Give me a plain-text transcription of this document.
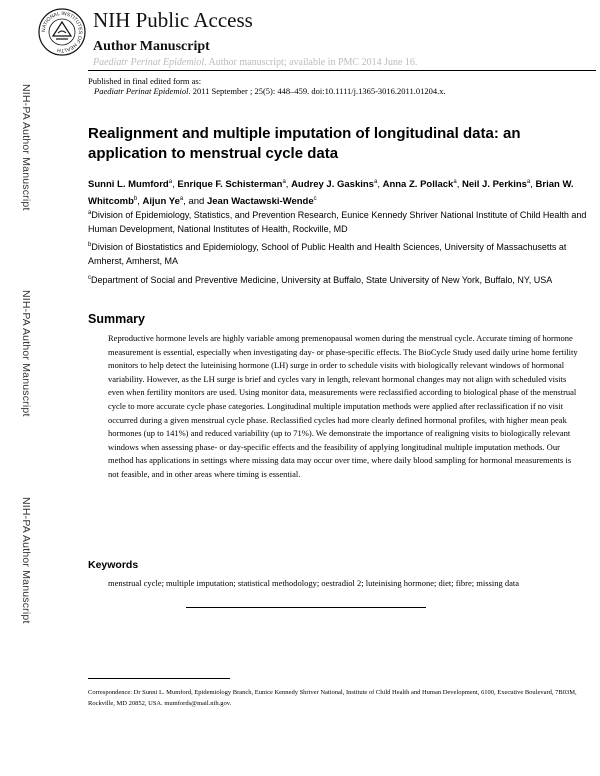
NIH-PA Author Manuscript
NIH-PA Author Manuscript
NIH-PA Author Manuscript
NATIONAL INSTITUTES OF HEALTH
NIH Public Access
Author Manuscript
Paediatr Perinat Epidemiol. Author manuscript; available in PMC 2014 June 16.
Published in final edited form as:
Paediatr Perinat Epidemiol. 2011 September ; 25(5): 448–459. doi:10.1111/j.1365-3016.2011.01204.x.
Realignment and multiple imputation of longitudinal data: an application to menstrual cycle data
Sunni L. Mumford$^a$, Enrique F. Schisterman$^a$, Audrey J. Gaskins$^a$, Anna Z. Pollack$^a$, Neil J. Perkins$^a$, Brian W. Whitcomb$^b$, Aijun Ye$^a$, and Jean Wactawski-Wende$^c$
$^a$Division of Epidemiology, Statistics, and Prevention Research, Eunice Kennedy Shriver National Institute of Child Health and Human Development, National Institutes of Health, Rockville, MD
$^b$Division of Biostatistics and Epidemiology, School of Public Health and Health Sciences, University of Massachusetts at Amherst, Amherst, MA
$^c$Department of Social and Preventive Medicine, University at Buffalo, State University of New York, Buffalo, NY, USA
Summary
Reproductive hormone levels are highly variable among premenopausal women during the menstrual cycle. Accurate timing of hormone measurement is essential, especially when investigating day- or phase-specific effects. The BioCycle Study used daily urine home fertility monitors to help detect the luteinising hormone (LH) surge in order to schedule visits with biologically relevant windows of hormonal variability. However, as the LH surge is brief and cycles vary in length, relevant hormonal changes may not align with scheduled visits even when fertility monitors are used. Using monitor data, measurements were reclassified according to biological phase of the menstrual cycle to more accurate cycle phase categories. Longitudinal multiple imputation methods were applied after reclassification if no visit occurred during a given menstrual cycle phase. Reclassified cycles had more clearly defined hormonal profiles, with higher mean peak hormones (up to 141%) and reduced variability (up to 71%). We demonstrate the importance of realigning visits to biologically relevant windows when assessing phase- or day-specific effects and the feasibility of applying longitudinal multiple imputation methods. Our method has applications in settings where missing data may occur over time, where daily blood sampling for hormonal measurements is not feasible, and in other areas where timing is essential.
Keywords
menstrual cycle; multiple imputation; statistical methodology; oestradiol 2; luteinising hormone; diet; fibre; missing data
Correspondence: Dr Sunni L. Mumford, Epidemiology Branch, Eunice Kennedy Shriver National, Institute of Child Health and Human Development, 6100, Executive Boulevard, 7B03M, Rockville, MD 20852, USA. mumfords@mail.nih.gov.
